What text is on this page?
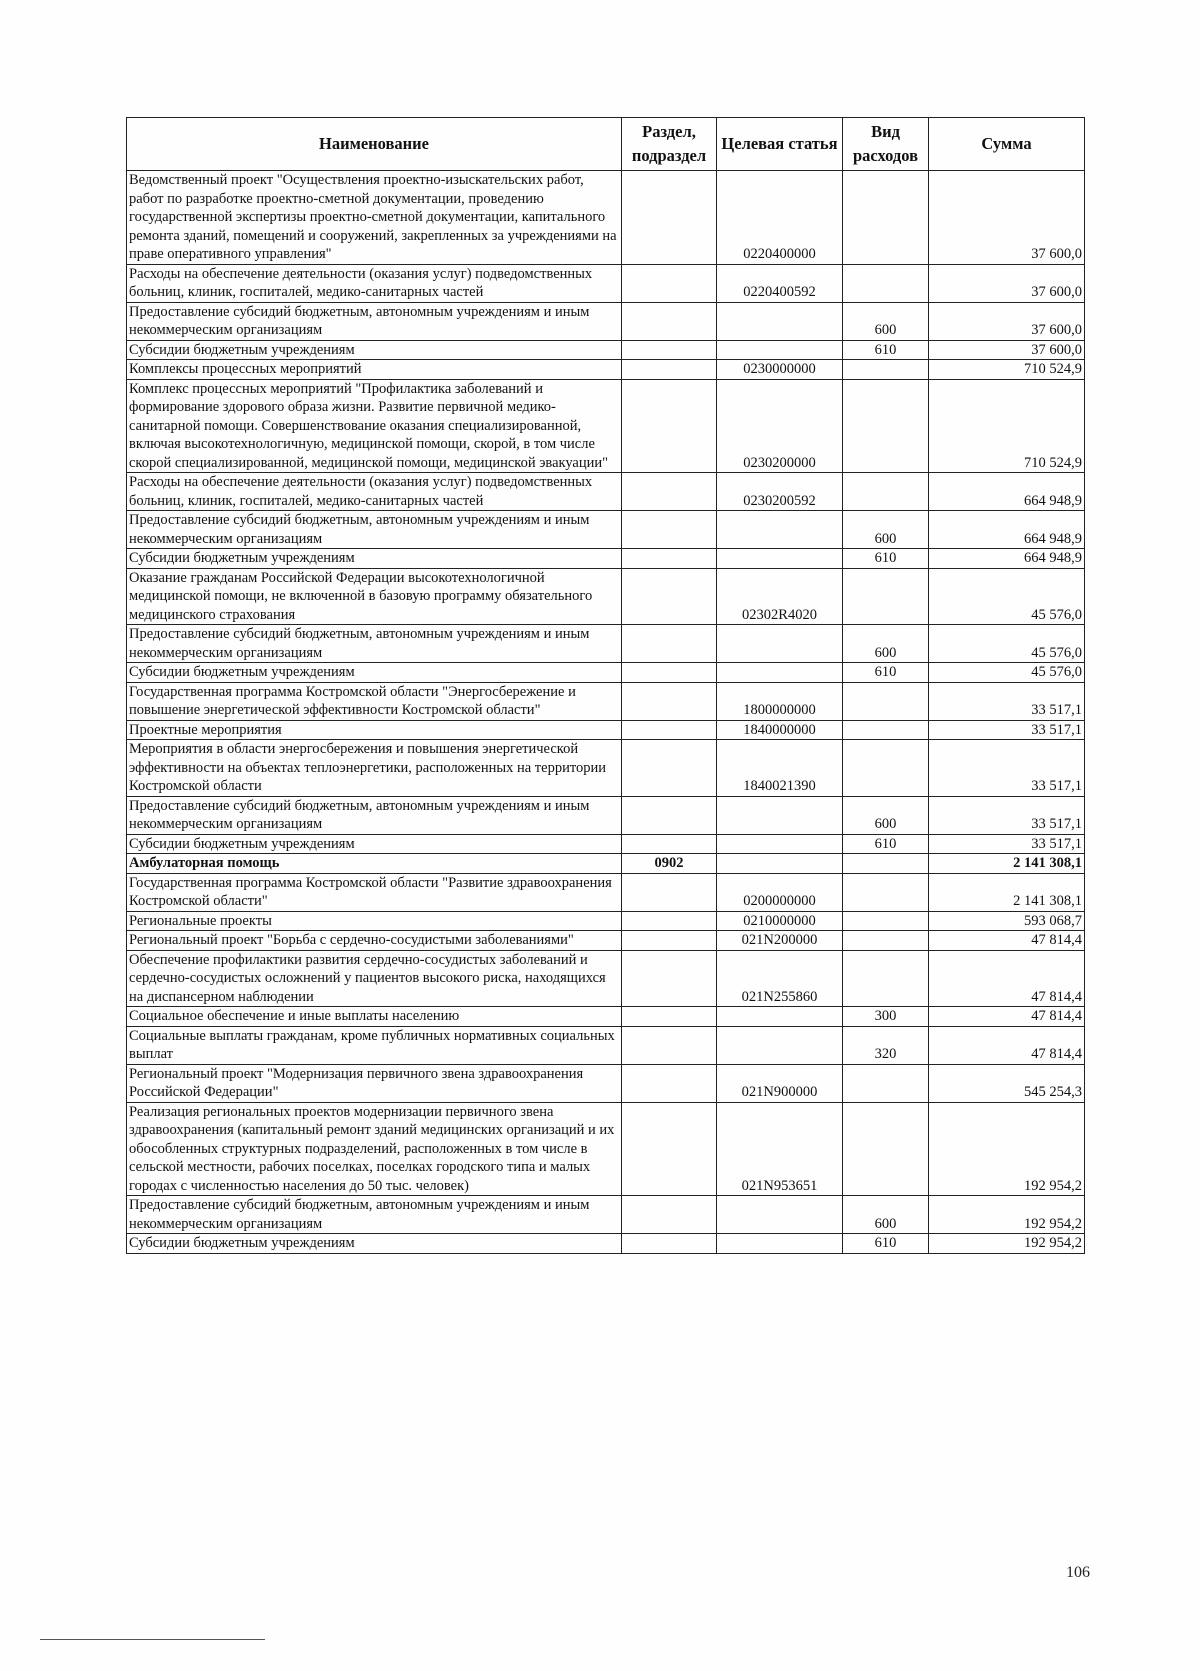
Наименование	Раздел, подраздел	Целевая статья	Вид расходов	Сумма
Ведомственный проект "Осуществления проектно-изыскательских работ, работ по разработке проектно-сметной документации, проведению государственной экспертизы проектно-сметной документации, капитального ремонта зданий, помещений и сооружений, закрепленных за учреждениями на праве оперативного управления"		0220400000		37 600,0
Расходы на обеспечение деятельности (оказания услуг) подведомственных больниц, клиник, госпиталей, медико-санитарных частей		0220400592		37 600,0
Предоставление субсидий бюджетным, автономным учреждениям и иным некоммерческим организациям			600	37 600,0
Субсидии бюджетным учреждениям			610	37 600,0
Комплексы процессных мероприятий		0230000000		710 524,9
Комплекс процессных мероприятий "Профилактика заболеваний и формирование здорового образа жизни. Развитие первичной медико-санитарной помощи. Совершенствование оказания специализированной, включая высокотехнологичную, медицинской помощи, скорой, в том числе скорой специализированной, медицинской помощи, медицинской эвакуации"		0230200000		710 524,9
Расходы на обеспечение деятельности (оказания услуг) подведомственных больниц, клиник, госпиталей, медико-санитарных частей		0230200592		664 948,9
Предоставление субсидий бюджетным, автономным учреждениям и иным некоммерческим организациям			600	664 948,9
Субсидии бюджетным учреждениям			610	664 948,9
Оказание гражданам Российской Федерации высокотехнологичной медицинской помощи, не включенной в базовую программу обязательного медицинского страхования		02302R4020		45 576,0
Предоставление субсидий бюджетным, автономным учреждениям и иным некоммерческим организациям			600	45 576,0
Субсидии бюджетным учреждениям			610	45 576,0
Государственная программа Костромской области "Энергосбережение и повышение энергетической эффективности Костромской области"		1800000000		33 517,1
Проектные мероприятия		1840000000		33 517,1
Мероприятия в области энергосбережения и повышения энергетической эффективности на объектах теплоэнергетики, расположенных на территории Костромской области		1840021390		33 517,1
Предоставление субсидий бюджетным, автономным учреждениям и иным некоммерческим организациям			600	33 517,1
Субсидии бюджетным учреждениям			610	33 517,1
Амбулаторная помощь	0902			2 141 308,1
Государственная программа Костромской области "Развитие здравоохранения Костромской области"		0200000000		2 141 308,1
Региональные проекты		0210000000		593 068,7
Региональный проект "Борьба с сердечно-сосудистыми заболеваниями"		021N200000		47 814,4
Обеспечение профилактики развития сердечно-сосудистых заболеваний и сердечно-сосудистых осложнений у пациентов высокого риска, находящихся на диспансерном наблюдении		021N255860		47 814,4
Социальное обеспечение и иные выплаты населению			300	47 814,4
Социальные выплаты гражданам, кроме публичных нормативных социальных выплат			320	47 814,4
Региональный проект "Модернизация первичного звена здравоохранения Российской Федерации"		021N900000		545 254,3
Реализация региональных проектов модернизации первичного звена здравоохранения (капитальный ремонт зданий медицинских организаций и их обособленных структурных подразделений, расположенных в том числе в сельской местности, рабочих поселках, поселках городского типа и малых городах с численностью населения до 50 тыс. человек)		021N953651		192 954,2
Предоставление субсидий бюджетным, автономным учреждениям и иным некоммерческим организациям			600	192 954,2
Субсидии бюджетным учреждениям			610	192 954,2
106
